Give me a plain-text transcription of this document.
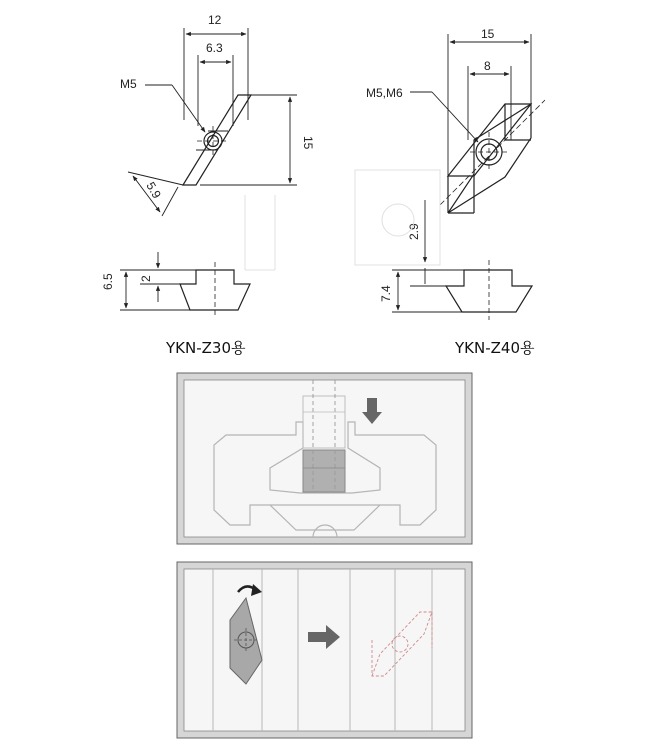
12
6.3
M5
15
5.9
6.5 2
YKN-Z30용
15
8
M5,M6
2.9
7.4
YKN-Z40용
